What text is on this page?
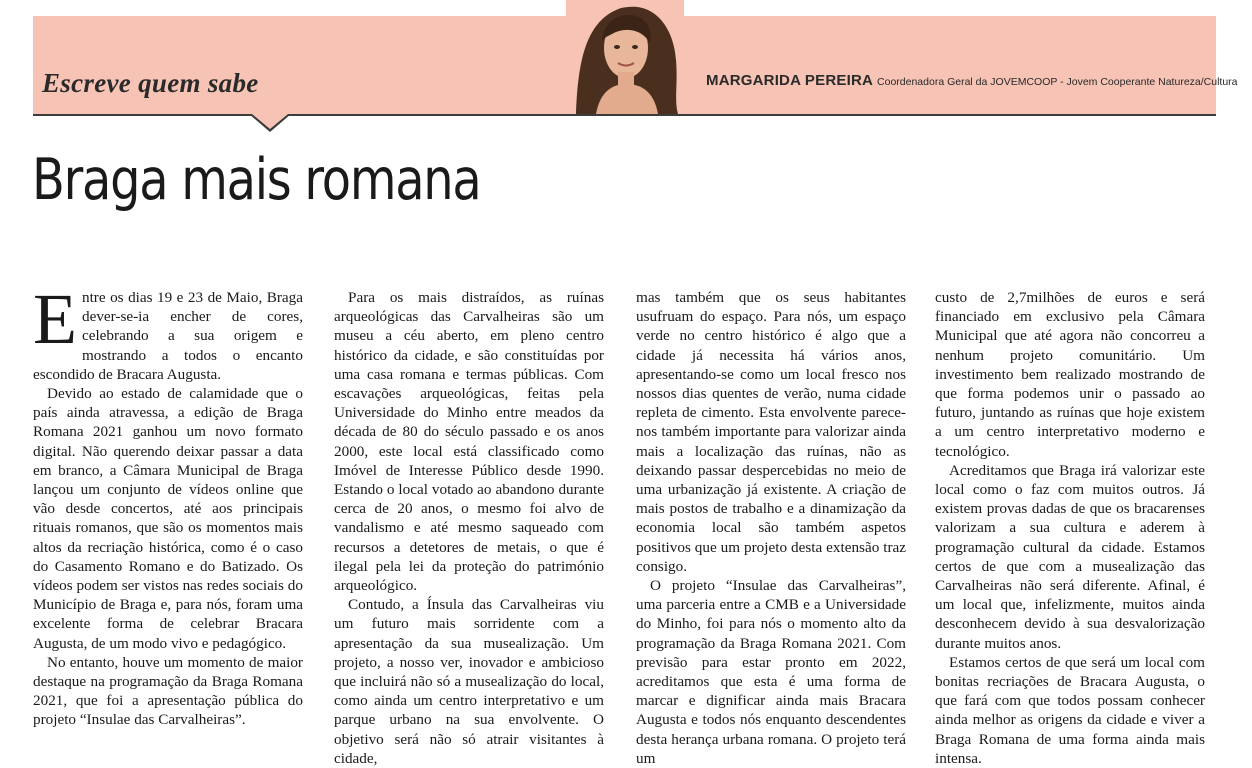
Escreve quem sabe	MARGARIDA PEREIRA Coordenadora Geral da JOVEMCOOP - Jovem Cooperante Natureza/Cultura
Braga mais romana

Entre os dias 19 e 23 de Maio, Braga dever-se-ia encher de cores, celebrando a sua origem e mostrando a todos o encanto escondido de Bracara Augusta.

Devido ao estado de calamidade que o país ainda atravessa, a edição de Braga Romana 2021 ganhou um novo formato digital. Não querendo deixar passar a data em branco, a Câmara Municipal de Braga lançou um conjunto de vídeos online que vão desde concertos, até aos principais rituais romanos, que são os momentos mais altos da recriação histórica, como é o caso do Casamento Romano e do Batizado. Os vídeos podem ser vistos nas redes sociais do Município de Braga e, para nós, foram uma excelente forma de celebrar Bracara Augusta, de um modo vivo e pedagógico.

No entanto, houve um momento de maior destaque na programação da Braga Romana 2021, que foi a apresentação pública do projeto “Insulae das Carvalheiras”.

Para os mais distraídos, as ruínas arqueológicas das Carvalheiras são um museu a céu aberto, em pleno centro histórico da cidade, e são constituídas por uma casa romana e termas públicas. Com escavações arqueológicas, feitas pela Universidade do Minho entre meados da década de 80 do século passado e os anos 2000, este local está classificado como Imóvel de Interesse Público desde 1990. Estando o local votado ao abandono durante cerca de 20 anos, o mesmo foi alvo de vandalismo e até mesmo saqueado com recursos a detetores de metais, o que é ilegal pela lei da proteção do património arqueológico.

Contudo, a Ínsula das Carvalheiras viu um futuro mais sorridente com a apresentação da sua musealização. Um projeto, a nosso ver, inovador e ambicioso que incluirá não só a musealização do local, como ainda um centro interpretativo e um parque urbano na sua envolvente. O objetivo será não só atrair visitantes à cidade,

mas também que os seus habitantes usufruam do espaço. Para nós, um espaço verde no centro histórico é algo que a cidade já necessita há vários anos, apresentando-se como um local fresco nos nossos dias quentes de verão, numa cidade repleta de cimento. Esta envolvente parece-nos também importante para valorizar ainda mais a localização das ruínas, não as deixando passar despercebidas no meio de uma urbanização já existente. A criação de mais postos de trabalho e a dinamização da economia local são também aspetos positivos que um projeto desta extensão traz consigo.

O projeto “Insulae das Carvalheiras”, uma parceria entre a CMB e a Universidade do Minho, foi para nós o momento alto da programação da Braga Romana 2021. Com previsão para estar pronto em 2022, acreditamos que esta é uma forma de marcar e dignificar ainda mais Bracara Augusta e todos nós enquanto descendentes desta herança urbana romana. O projeto terá um

custo de 2,7milhões de euros e será financiado em exclusivo pela Câmara Municipal que até agora não concorreu a nenhum projeto comunitário. Um investimento bem realizado mostrando de que forma podemos unir o passado ao futuro, juntando as ruínas que hoje existem a um centro interpretativo moderno e tecnológico.

Acreditamos que Braga irá valorizar este local como o faz com muitos outros. Já existem provas dadas de que os bracarenses valorizam a sua cultura e aderem à programação cultural da cidade. Estamos certos de que com a musealização das Carvalheiras não será diferente. Afinal, é um local que, infelizmente, muitos ainda desconhecem devido à sua desvalorização durante muitos anos.

Estamos certos de que será um local com bonitas recriações de Bracara Augusta, o que fará com que todos possam conhecer ainda melhor as origens da cidade e viver a Braga Romana de uma forma ainda mais intensa.
